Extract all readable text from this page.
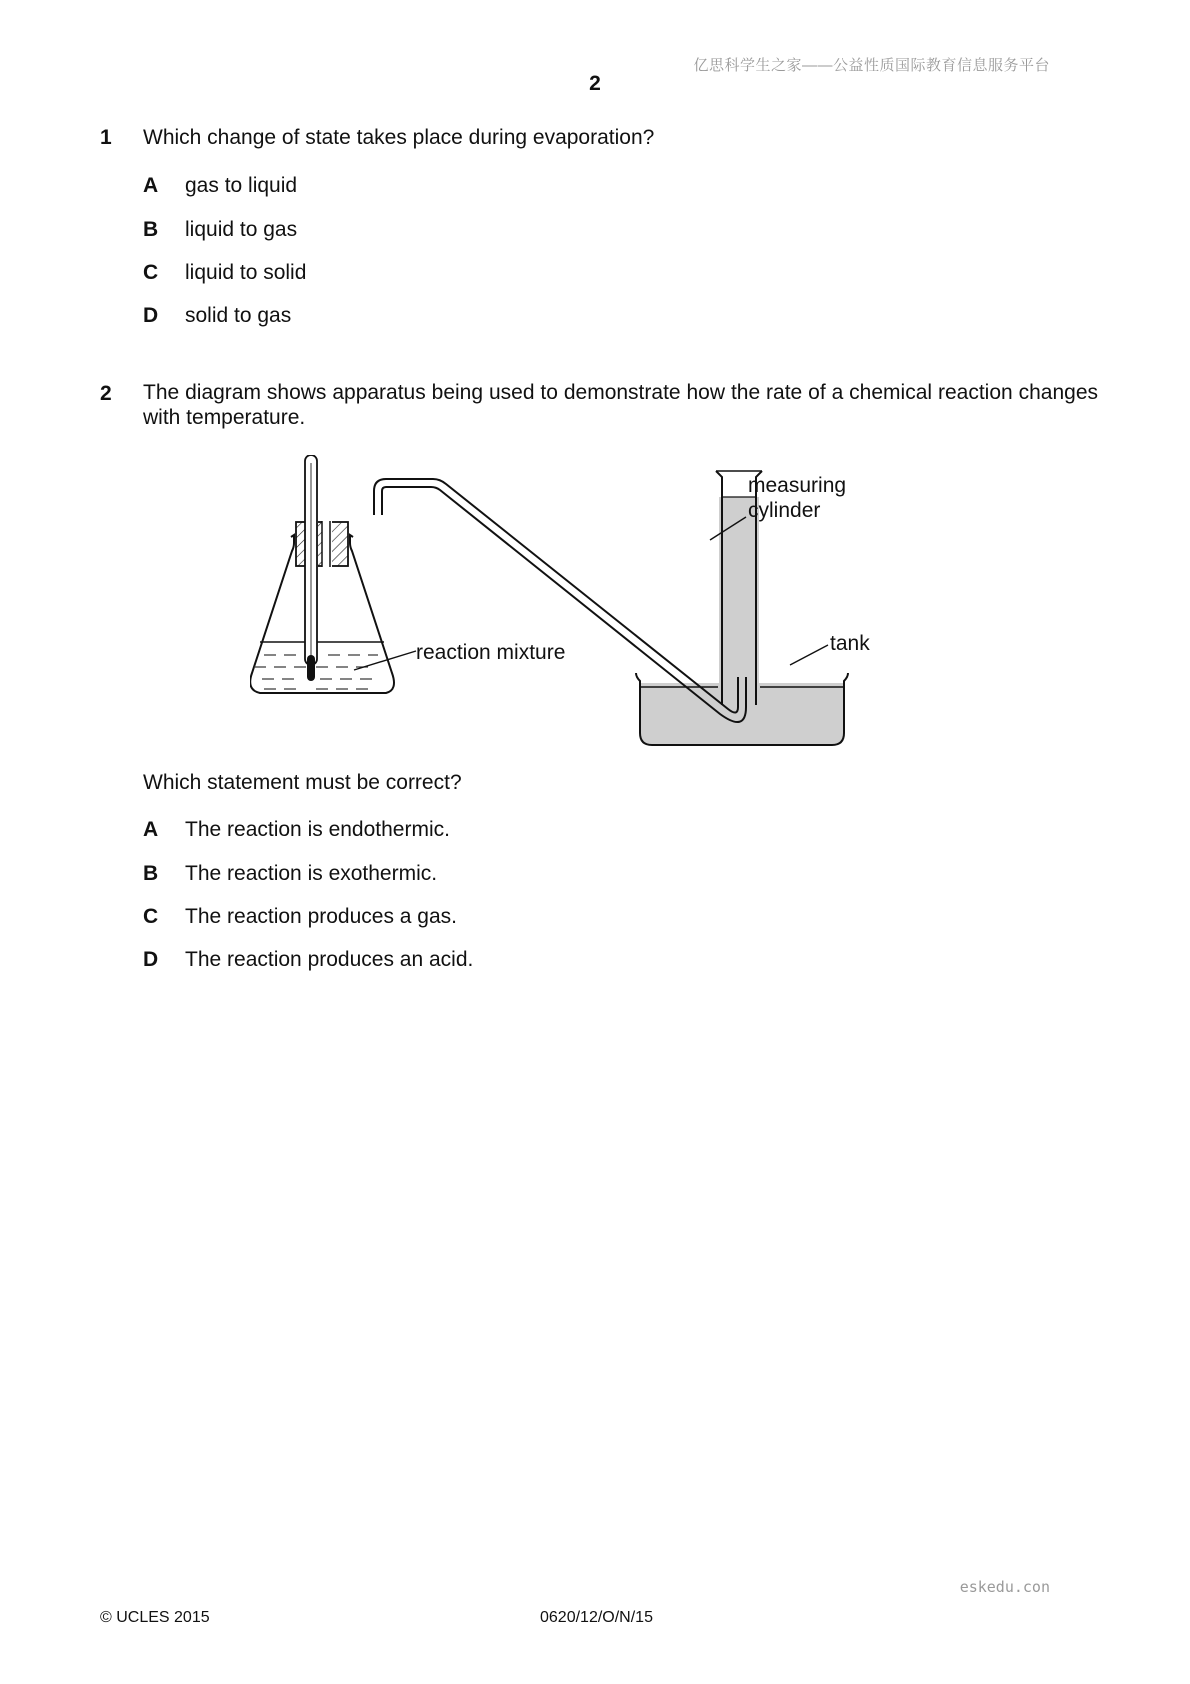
亿思科学生之家——公益性质国际教育信息服务平台
2
1 Which change of state takes place during evaporation?
A gas to liquid
B liquid to gas
C liquid to solid
D solid to gas
2 The diagram shows apparatus being used to demonstrate how the rate of a chemical reaction changes with temperature.
measuring
cylinder
reaction mixture	tank
Which statement must be correct?
A The reaction is endothermic.
B The reaction is exothermic.
C The reaction produces a gas.
D The reaction produces an acid.
eskedu.con
© UCLES 2015	0620/12/O/N/15
